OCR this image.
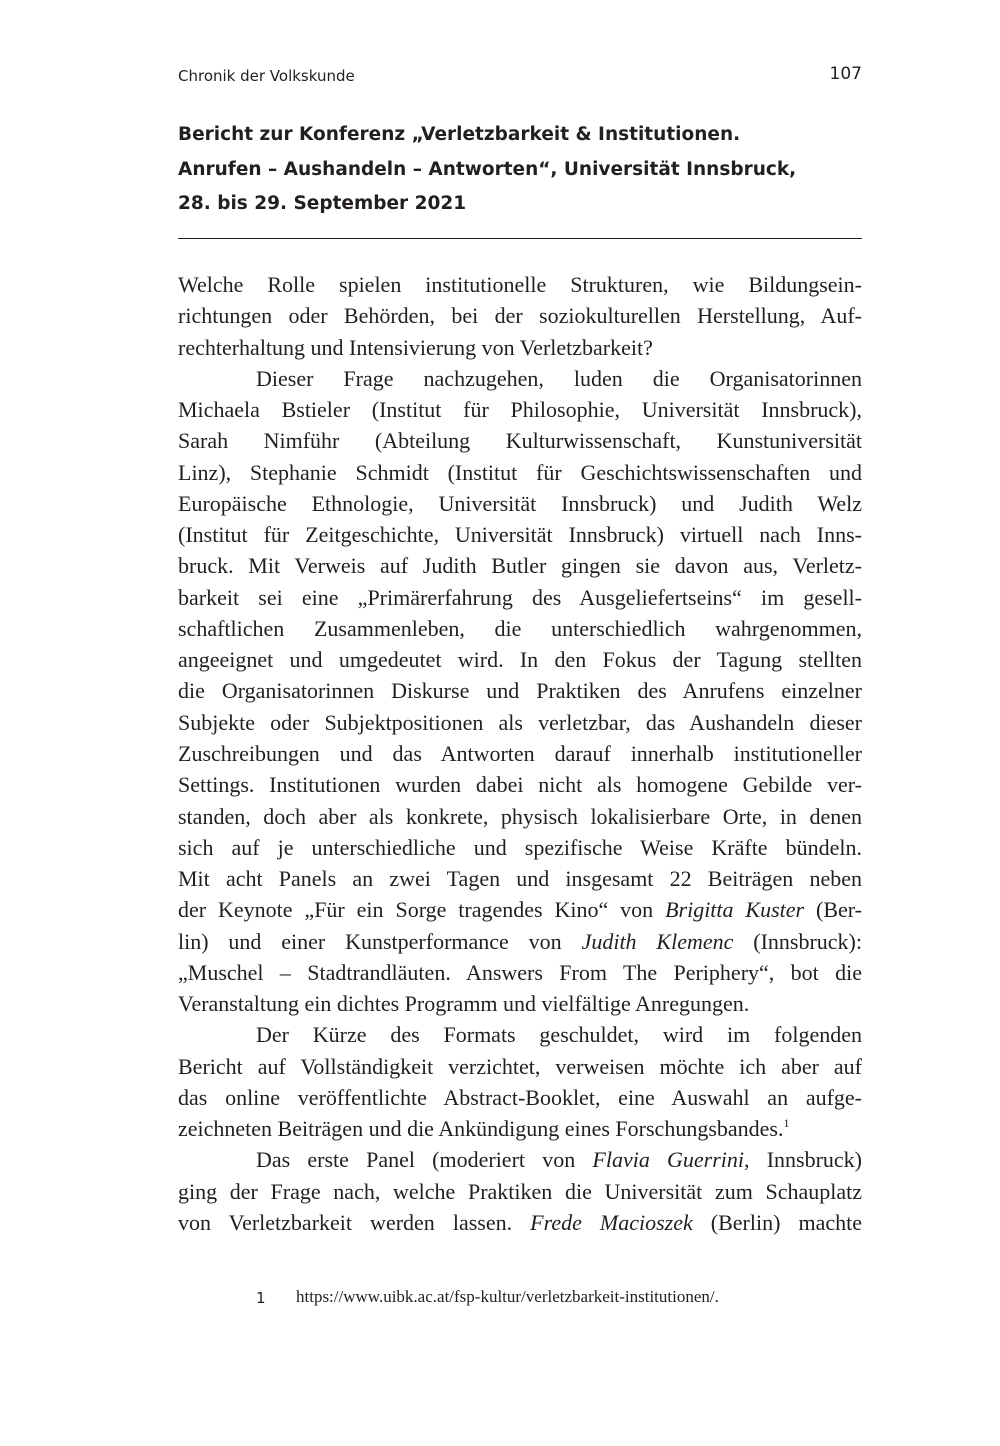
Chronik der Volkskunde	107
Bericht zur Konferenz „Verletzbarkeit & Institutionen.
Anrufen – Aushandeln – Antworten“, Universität Innsbruck,
28. bis 29. September 2021
Welche Rolle spielen institutionelle Strukturen, wie Bildungsein-
richtungen oder Behörden, bei der soziokulturellen Herstellung, Auf-
rechterhaltung und Intensivierung von Verletzbarkeit?
Dieser Frage nachzugehen, luden die Organisatorinnen
Michaela Bstieler (Institut für Philosophie, Universität Innsbruck),
Sarah Nimführ (Abteilung Kulturwissenschaft, Kunstuniversität
Linz), Stephanie Schmidt (Institut für Geschichtswissenschaften und
Europäische Ethnologie, Universität Innsbruck) und Judith Welz
(Institut für Zeitgeschichte, Universität Innsbruck) virtuell nach Inns-
bruck. Mit Verweis auf Judith Butler gingen sie davon aus, Verletz-
barkeit sei eine „Primärerfahrung des Ausgeliefertseins“ im gesell-
schaftlichen Zusammenleben, die unterschiedlich wahrgenommen,
angeeignet und umgedeutet wird. In den Fokus der Tagung stellten
die Organisatorinnen Diskurse und Praktiken des Anrufens einzelner
Subjekte oder Subjektpositionen als verletzbar, das Aushandeln dieser
Zuschreibungen und das Antworten darauf innerhalb institutioneller
Settings. Institutionen wurden dabei nicht als homogene Gebilde ver-
standen, doch aber als konkrete, physisch lokalisierbare Orte, in denen
sich auf je unterschiedliche und spezifische Weise Kräfte bündeln.
Mit acht Panels an zwei Tagen und insgesamt 22 Beiträgen neben
der Keynote „Für ein Sorge tragendes Kino“ von Brigitta Kuster (Ber-
lin) und einer Kunstperformance von Judith Klemenc (Innsbruck):
„Muschel – Stadtrandläuten. Answers From The Periphery“, bot die
Veranstaltung ein dichtes Programm und vielfältige Anregungen.
Der Kürze des Formats geschuldet, wird im folgenden
Bericht auf Vollständigkeit verzichtet, verweisen möchte ich aber auf
das online veröffentlichte Abstract-Booklet, eine Auswahl an aufge-
zeichneten Beiträgen und die Ankündigung eines Forschungsbandes.$^1$
Das erste Panel (moderiert von Flavia Guerrini, Innsbruck)
ging der Frage nach, welche Praktiken die Universität zum Schauplatz
von Verletzbarkeit werden lassen. Frede Macioszek (Berlin) machte
1 https://www.uibk.ac.at/fsp-kultur/verletzbarkeit-institutionen/.
